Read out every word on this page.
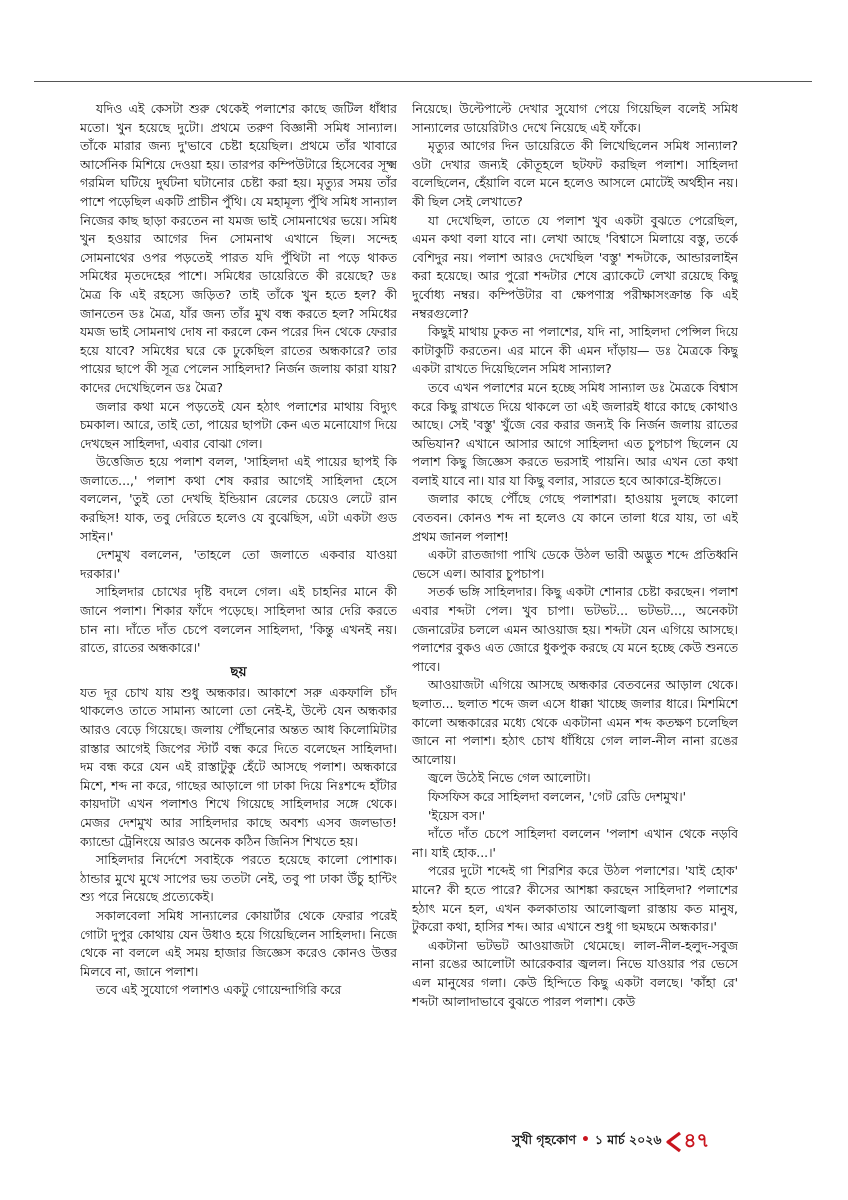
যদিও এই কেসটা শুরু থেকেই পলাশের কাছে জটিল ধাঁধার মতো। খুন হয়েছে দুটো। প্রথমে তরুণ বিজ্ঞানী সমিধ সান্যাল। তাঁকে মারার জন্য দু'ভাবে চেষ্টা হয়েছিল। প্রথমে তাঁর খাবারে আর্সেনিক মিশিয়ে দেওয়া হয়। তারপর কম্পিউটারে হিসেবের সূক্ষ্ম গরমিল ঘটিয়ে দুর্ঘটনা ঘটানোর চেষ্টা করা হয়। মৃত্যুর সময় তাঁর পাশে পড়েছিল একটি প্রাচীন পুঁথি। যে মহামূল্য পুঁথি সমিধ সান্যাল নিজের কাছ ছাড়া করতেন না যমজ ভাই সোমনাথের ভয়ে। সমিধ খুন হওয়ার আগের দিন সোমনাথ এখানে ছিল। সন্দেহ সোমনাথের ওপর পড়তেই পারত যদি পুঁথিটা না পড়ে থাকত সমিধের মৃতদেহের পাশে। সমিধের ডায়েরিতে কী রয়েছে? ডঃ মৈত্র কি এই রহস্যে জড়িত? তাই তাঁকে খুন হতে হল? কী জানতেন ডঃ মৈত্র, যাঁর জন্য তাঁর মুখ বন্ধ করতে হল? সমিধের যমজ ভাই সোমনাথ দোষ না করলে কেন পরের দিন থেকে ফেরার হয়ে যাবে? সমিধের ঘরে কে ঢুকেছিল রাতের অন্ধকারে? তার পায়ের ছাপে কী সূত্র পেলেন সাহিলদা? নির্জন জলায় কারা যায়? কাদের দেখেছিলেন ডঃ মৈত্র?

জলার কথা মনে পড়তেই যেন হঠাৎ পলাশের মাথায় বিদ্যুৎ চমকাল। আরে, তাই তো, পায়ের ছাপটা কেন এত মনোযোগ দিয়ে দেখছেন সাহিলদা, এবার বোঝা গেল।

উত্তেজিত হয়ে পলাশ বলল, 'সাহিলদা এই পায়ের ছাপই কি জলাতে...,' পলাশ কথা শেষ করার আগেই সাহিলদা হেসে বললেন, 'তুই তো দেখছি ইন্ডিয়ান রেলের চেয়েও লেটে রান করছিস! যাক, তবু দেরিতে হলেও যে বুঝেছিস, এটা একটা গুড সাইন।'

দেশমুখ বললেন, 'তাহলে তো জলাতে একবার যাওয়া দরকার।'

সাহিলদার চোখের দৃষ্টি বদলে গেল। এই চাহনির মানে কী জানে পলাশ। শিকার ফাঁদে পড়েছে। সাহিলদা আর দেরি করতে চান না। দাঁতে দাঁত চেপে বললেন সাহিলদা, 'কিন্তু এখনই নয়। রাতে, রাতের অন্ধকারে।'

ছয়

যত দূর চোখ যায় শুধু অন্ধকার। আকাশে সরু একফালি চাঁদ থাকলেও তাতে সামান্য আলো তো নেই-ই, উল্টে যেন অন্ধকার আরও বেড়ে গিয়েছে। জলায় পৌঁছনোর অন্তত আধ কিলোমিটার রাস্তার আগেই জিপের স্টার্ট বন্ধ করে দিতে বলেছেন সাহিলদা। দম বন্ধ করে যেন এই রাস্তাটুকু হেঁটে আসছে পলাশ। অন্ধকারে মিশে, শব্দ না করে, গাছের আড়ালে গা ঢাকা দিয়ে নিঃশব্দে হাঁটার কায়দাটা এখন পলাশও শিখে গিয়েছে সাহিলদার সঙ্গে থেকে। মেজর দেশমুখ আর সাহিলদার কাছে অবশ্য এসব জলভাত! ক্যান্ডো ট্রেনিংয়ে আরও অনেক কঠিন জিনিস শিখতে হয়।

সাহিলদার নির্দেশে সবাইকে পরতে হয়েছে কালো পোশাক। ঠান্ডার মুখে মুখে সাপের ভয় ততটা নেই, তবু পা ঢাকা উঁচু হান্টিং শ্যু পরে নিয়েছে প্রত্যেকেই।

সকালবেলা সমিধ সান্যালের কোয়ার্টার থেকে ফেরার পরেই গোটা দুপুর কোথায় যেন উধাও হয়ে গিয়েছিলেন সাহিলদা। নিজে থেকে না বললে এই সময় হাজার জিজ্ঞেস করেও কোনও উত্তর মিলবে না, জানে পলাশ।

তবে এই সুযোগে পলাশও একটু গোয়েন্দাগিরি করে

নিয়েছে। উল্টেপাল্টে দেখার সুযোগ পেয়ে গিয়েছিল বলেই সমিধ সান্যালের ডায়েরিটাও দেখে নিয়েছে এই ফাঁকে।

মৃত্যুর আগের দিন ডায়েরিতে কী লিখেছিলেন সমিধ সান্যাল? ওটা দেখার জন্যই কৌতূহলে ছটফট করছিল পলাশ। সাহিলদা বলেছিলেন, হেঁয়ালি বলে মনে হলেও আসলে মোটেই অর্থহীন নয়। কী ছিল সেই লেখাতে?

যা দেখেছিল, তাতে যে পলাশ খুব একটা বুঝতে পেরেছিল, এমন কথা বলা যাবে না। লেখা আছে 'বিশ্বাসে মিলায়ে বস্তু, তর্কে বেশিদুর নয়। পলাশ আরও দেখেছিল 'বস্তু' শব্দটাকে, আন্ডারলাইন করা হয়েছে। আর পুরো শব্দটার শেষে ব্র্যাকেটে লেখা রয়েছে কিছু দুর্বোধ্য নম্বর। কম্পিউটার বা ক্ষেপণাস্ত্র পরীক্ষাসংক্রান্ত কি এই নম্বরগুলো?

কিছুই মাথায় ঢুকত না পলাশের, যদি না, সাহিলদা পেন্সিল দিয়ে কাটাকুটি করতেন। এর মানে কী এমন দাঁড়ায়— ডঃ মৈত্রকে কিছু একটা রাখতে দিয়েছিলেন সমিধ সান্যাল?

তবে এখন পলাশের মনে হচ্ছে সমিধ সান্যাল ডঃ মৈত্রকে বিশ্বাস করে কিছু রাখতে দিয়ে থাকলে তা এই জলারই ধারে কাছে কোথাও আছে। সেই 'বস্তু' খুঁজে বের করার জন্যই কি নির্জন জলায় রাতের অভিযান? এখানে আসার আগে সাহিলদা এত চুপচাপ ছিলেন যে পলাশ কিছু জিজ্ঞেস করতে ভরসাই পায়নি। আর এখন তো কথা বলাই যাবে না। যার যা কিছু বলার, সারতে হবে আকারে-ইঙ্গিতে।

জলার কাছে পৌঁছে গেছে পলাশরা। হাওয়ায় দুলছে কালো বেতবন। কোনও শব্দ না হলেও যে কানে তালা ধরে যায়, তা এই প্রথম জানল পলাশ!

একটা রাতজাগা পাখি ডেকে উঠল ভারী অদ্ভুত শব্দে প্রতিধ্বনি ভেসে এল। আবার চুপচাপ।

সতর্ক ভঙ্গি সাহিলদার। কিছু একটা শোনার চেষ্টা করছেন। পলাশ এবার শব্দটা পেল। খুব চাপা। ভটভট... ভটভট..., অনেকটা জেনারেটর চললে এমন আওয়াজ হয়। শব্দটা যেন এগিয়ে আসছে। পলাশের বুকও এত জোরে ধুকপুক করছে যে মনে হচ্ছে কেউ শুনতে পাবে।

আওয়াজটা এগিয়ে আসছে অন্ধকার বেতবনের আড়াল থেকে। ছলাত... ছলাত শব্দে জল এসে ধাক্কা খাচ্ছে জলার ধারে। মিশমিশে কালো অন্ধকারের মধ্যে থেকে একটানা এমন শব্দ কতক্ষণ চলেছিল জানে না পলাশ। হঠাৎ চোখ ধাঁধিয়ে গেল লাল-নীল নানা রঙের আলোয়।

জ্বলে উঠেই নিভে গেল আলোটা।

ফিসফিস করে সাহিলদা বললেন, 'গেট রেডি দেশমুখ।'

'ইয়েস বস।'

দাঁতে দাঁত চেপে সাহিলদা বললেন 'পলাশ এখান থেকে নড়বি না। যাই হোক...।'

পরের দুটো শব্দেই গা শিরশির করে উঠল পলাশের। 'যাই হোক' মানে? কী হতে পারে? কীসের আশঙ্কা করছেন সাহিলদা? পলাশের হঠাৎ মনে হল, এখন কলকাতায় আলোজ্বলা রাস্তায় কত মানুষ, টুকরো কথা, হাসির শব্দ। আর এখানে শুধু গা ছমছমে অন্ধকার।'

একটানা ভটভট আওয়াজটা থেমেছে। লাল-নীল-হলুদ-সবুজ নানা রঙের আলোটা আরেকবার জ্বলল। নিভে যাওয়ার পর ভেসে এল মানুষের গলা। কেউ হিন্দিতে কিছু একটা বলছে। 'কাঁহা রে' শব্দটা আলাদাভাবে বুঝতে পারল পলাশ। কেউ

সুখী গৃহকোণ • ১ মার্চ ২০২৬ ৪৭
